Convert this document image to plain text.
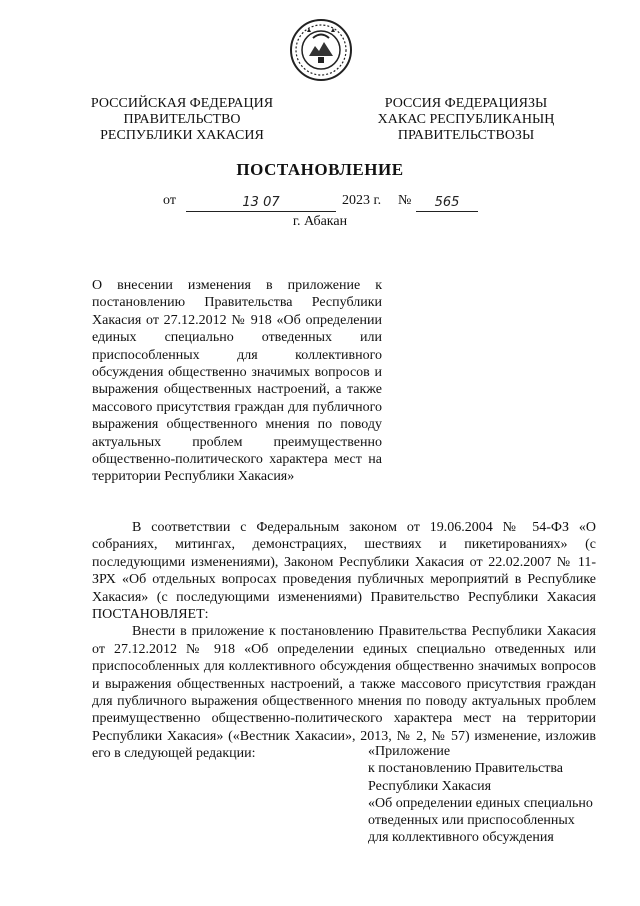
РОССИЙСКАЯ ФЕДЕРАЦИЯ
ПРАВИТЕЛЬСТВО
РЕСПУБЛИКИ ХАКАСИЯ
РОССИЯ ФЕДЕРАЦИЯЗЫ
ХАКАС РЕСПУБЛИКАНЫҢ
ПРАВИТЕЛЬСТВОЗЫ
ПОСТАНОВЛЕНИЕ
от	13 07	2023 г. №	565
г. Абакан
О внесении изменения в приложение к постановлению Правительства Республики Хакасия от 27.12.2012 № 918 «Об определении единых специально отведенных или приспособленных для коллективного обсуждения общественно значимых вопросов и выражения общественных настроений, а также массового присутствия граждан для публичного выражения общественного мнения по поводу актуальных проблем преимущественно общественно-политического характера мест на территории Республики Хакасия»

В соответствии с Федеральным законом от 19.06.2004 № 54-ФЗ «О собраниях, митингах, демонстрациях, шествиях и пикетированиях» (с последующими изменениями), Законом Республики Хакасия от 22.02.2007 № 11-ЗРХ «Об отдельных вопросах проведения публичных мероприятий в Республике Хакасия» (с последующими изменениями) Правительство Республики Хакасия ПОСТАНОВЛЯЕТ:

Внести в приложение к постановлению Правительства Республики Хакасия от 27.12.2012 № 918 «Об определении единых специально отведенных или приспособленных для коллективного обсуждения общественно значимых вопросов и выражения общественных настроений, а также массового присутствия граждан для публичного выражения общественного мнения по поводу актуальных проблем преимущественно общественно-политического характера мест на территории Республики Хакасия» («Вестник Хакасии», 2013, № 2, № 57) изменение, изложив его в следующей редакции:	«Приложение
к постановлению Правительства
Республики Хакасия
«Об определении единых специально
отведенных или приспособленных
для коллективного обсуждения
